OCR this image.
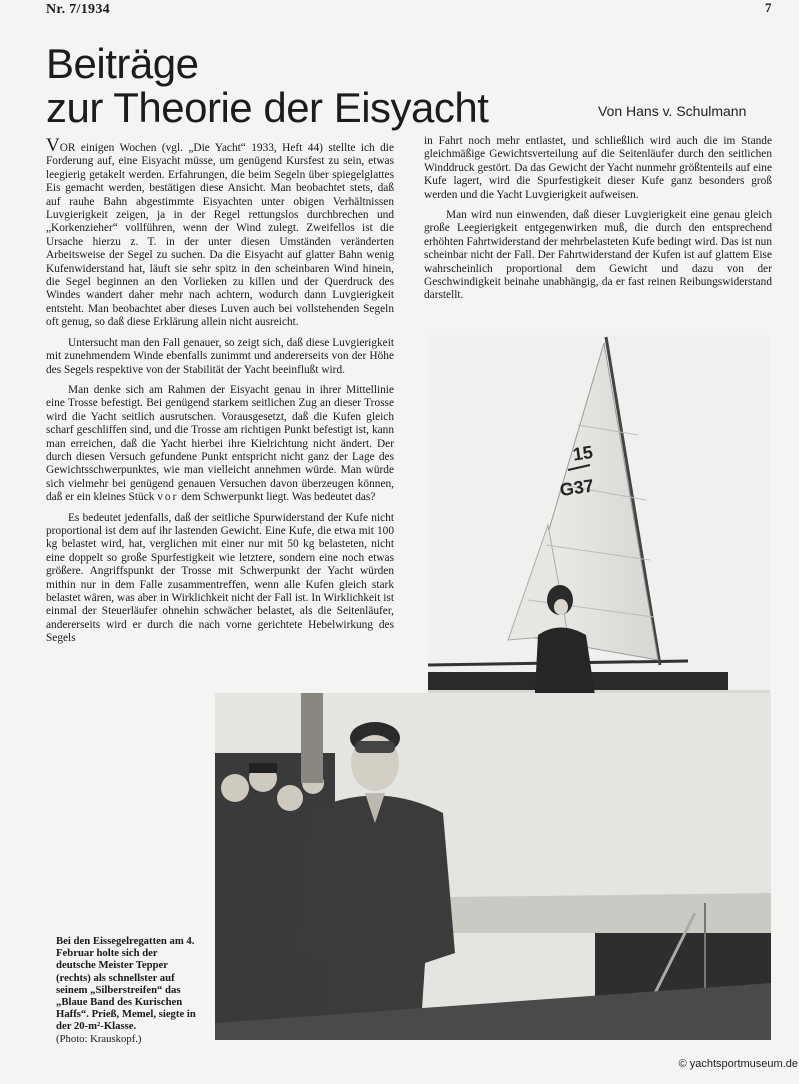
Nr. 7/1934	7
Beiträge
zur Theorie der Eisyacht	Von Hans v. Schulmann

VOR einigen Wochen (vgl. „Die Yacht“ 1933, Heft 44) stellte ich die Forderung auf, eine Eisyacht müsse, um genügend Kursfest zu sein, etwas leegierig getakelt werden. Erfahrungen, die beim Segeln über spiegelglattes Eis gemacht werden, bestätigen diese Ansicht. Man beobachtet stets, daß auf rauhe Bahn abgestimmte Eisyachten unter obigen Verhältnissen Luvgierigkeit zeigen, ja in der Regel rettungslos durchbrechen und „Korkenzieher“ vollführen, wenn der Wind zulegt. Zweifellos ist die Ursache hierzu z. T. in der unter diesen Umständen veränderten Arbeitsweise der Segel zu suchen. Da die Eisyacht auf glatter Bahn wenig Kufenwiderstand hat, läuft sie sehr spitz in den scheinbaren Wind hinein, die Segel beginnen an den Vorlieken zu killen und der Querdruck des Windes wandert daher mehr nach achtern, wodurch dann Luvgierigkeit entsteht. Man beobachtet aber dieses Luven auch bei vollstehenden Segeln oft genug, so daß diese Erklärung allein nicht ausreicht.

Untersucht man den Fall genauer, so zeigt sich, daß diese Luvgierigkeit mit zunehmendem Winde ebenfalls zunimmt und andererseits von der Höhe des Segels respektive von der Stabilität der Yacht beeinflußt wird.

Man denke sich am Rahmen der Eisyacht genau in ihrer Mittellinie eine Trosse befestigt. Bei genügend starkem seitlichen Zug an dieser Trosse wird die Yacht seitlich ausrutschen. Vorausgesetzt, daß die Kufen gleich scharf geschliffen sind, und die Trosse am richtigen Punkt befestigt ist, kann man erreichen, daß die Yacht hierbei ihre Kielrichtung nicht ändert. Der durch diesen Versuch gefundene Punkt entspricht nicht ganz der Lage des Gewichtsschwerpunktes, wie man vielleicht annehmen würde. Man würde sich vielmehr bei genügend genauen Versuchen davon überzeugen können, daß er ein kleines Stück vor dem Schwerpunkt liegt. Was bedeutet das?

Es bedeutet jedenfalls, daß der seitliche Spurwiderstand der Kufe nicht proportional ist dem auf ihr lastenden Gewicht. Eine Kufe, die etwa mit 100 kg belastet wird, hat, verglichen mit einer nur mit 50 kg belasteten, nicht eine doppelt so große Spurfestigkeit wie letztere, sondern eine noch etwas größere. Angriffspunkt der Trosse mit Schwerpunkt der Yacht würden mithin nur in dem Falle zusammentreffen, wenn alle Kufen gleich stark belastet wären, was aber in Wirklichkeit nicht der Fall ist. In Wirklichkeit ist einmal der Steuerläufer ohnehin schwächer belastet, als die Seitenläufer, andererseits wird er durch die nach vorne gerichtete Hebelwirkung des Segels

in Fahrt noch mehr entlastet, und schließlich wird auch die im Stande gleichmäßige Gewichtsverteilung auf die Seitenläufer durch den seitlichen Winddruck gestört. Da das Gewicht der Yacht nunmehr größtenteils auf eine Kufe lagert, wird die Spurfestigkeit dieser Kufe ganz besonders groß werden und die Yacht Luvgierigkeit aufweisen.

Man wird nun einwenden, daß dieser Luvgierigkeit eine genau gleich große Leegierigkeit entgegenwirken muß, die durch den entsprechend erhöhten Fahrtwiderstand der mehrbelasteten Kufe bedingt wird. Das ist nun scheinbar nicht der Fall. Der Fahrtwiderstand der Kufen ist auf glattem Eise wahrscheinlich proportional dem Gewicht und dazu von der Geschwindigkeit beinahe unabhängig, da er fast reinen Reibungswiderstand darstellt.

15
G37
Bei den Eissegelregatten am 4. Februar holte sich der deutsche Meister Tepper (rechts) als schnellster auf seinem „Silberstreifen“ das „Blaue Band des Kurischen Haffs“. Prieß, Memel, siegte in der 20-m²-Klasse.
(Photo: Krauskopf.)
© yachtsportmuseum.de
